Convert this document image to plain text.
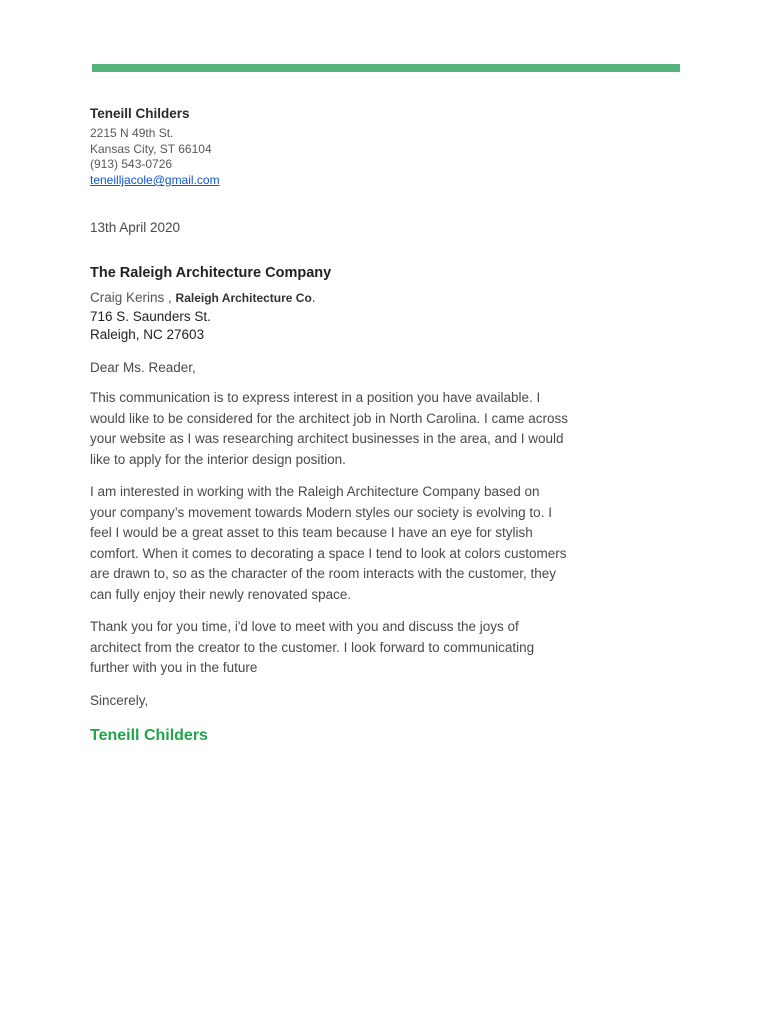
Teneill Childers
2215 N 49th St.
Kansas City, ST 66104
(913) 543-0726
teneilljacole@gmail.com
13th April 2020
The Raleigh Architecture Company
Craig Kerins , Raleigh Architecture Co.
716 S. Saunders St.
Raleigh, NC 27603
Dear Ms. Reader,

This communication is to express interest in a position you have available. I would like to be considered for the architect job in North Carolina. I came across your website as I was researching architect businesses in the area, and I would like to apply for the interior design position.

I am interested in working with the Raleigh Architecture Company based on your company’s movement towards Modern styles our society is evolving to. I feel I would be a great asset to this team because I have an eye for stylish comfort. When it comes to decorating a space I tend to look at colors customers are drawn to, so as the character of the room interacts with the customer, they can fully enjoy their newly renovated space.

Thank you for you time, i'd love to meet with you and discuss the joys of architect from the creator to the customer. I look forward to communicating further with you in the future

Sincerely,
Teneill Childers
